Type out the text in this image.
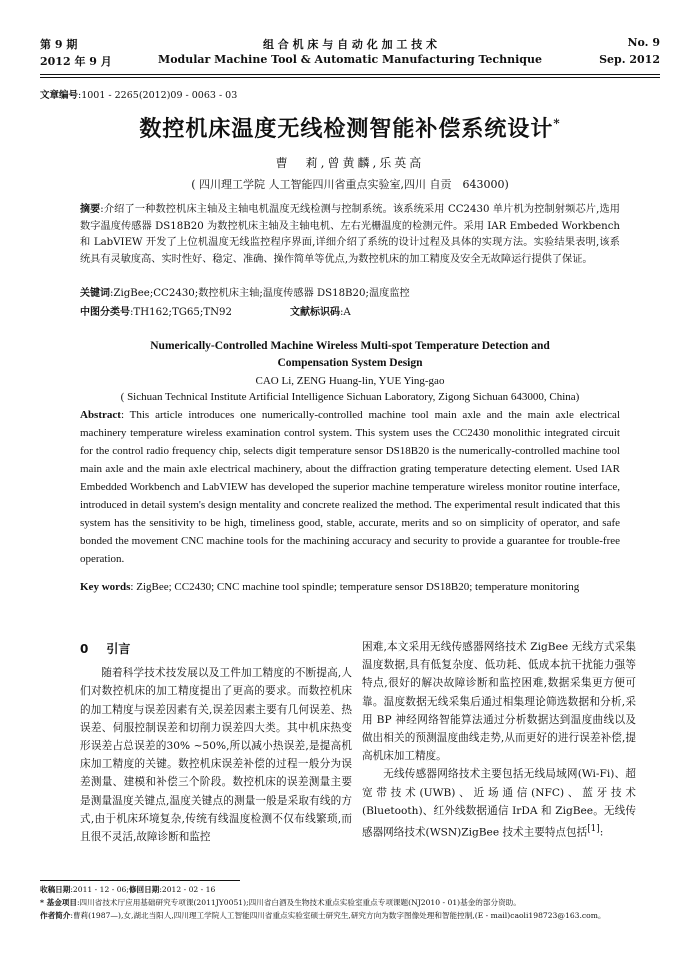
第 9 期	组 合 机 床 与 自 动 化 加 工 技 术	No. 9
2012 年 9 月	Modular Machine Tool & Automatic Manufacturing Technique	Sep. 2012
文章编号:1001 - 2265(2012)09 - 0063 - 03
数控机床温度无线检测智能补偿系统设计*
曹　莉,曾黄麟,乐英高
( 四川理工学院 人工智能四川省重点实验室,四川 自贡　643000)
摘要:介绍了一种数控机床主轴及主轴电机温度无线检测与控制系统。该系统采用 CC2430 单片机为控制射频芯片,选用数字温度传感器 DS18B20 为数控机床主轴及主轴电机、左右光栅温度的检测元件。采用 IAR Embeded Workbench 和 LabVIEW 开发了上位机温度无线监控程序界面,详细介绍了系统的设计过程及具体的实现方法。实验结果表明,该系统具有灵敏度高、实时性好、稳定、准确、操作简单等优点,为数控机床的加工精度及安全无故障运行提供了保证。
关键词:ZigBee;CC2430;数控机床主轴;温度传感器 DS18B20;温度监控
中图分类号:TH162;TG65;TN92	文献标识码:A
Numerically-Controlled Machine Wireless Multi-spot Temperature Detection and
Compensation System Design
CAO Li, ZENG Huang-lin, YUE Ying-gao
( Sichuan Technical Institute Artificial Intelligence Sichuan Laboratory, Zigong Sichuan 643000, China)
Abstract: This article introduces one numerically-controlled machine tool main axle and the main axle electrical machinery temperature wireless examination control system. This system uses the CC2430 monolithic integrated circuit for the control radio frequency chip, selects digit temperature sensor DS18B20 is the numerically-controlled machine tool main axle and the main axle electrical machinery, about the diffraction grating temperature detecting element. Used IAR Embedded Workbench and LabVIEW has developed the superior machine temperature wireless monitor routine interface, introduced in detail system's design mentality and concrete realized the method. The experimental result indicated that this system has the sensitivity to be high, timeliness good, stable, accurate, merits and so on simplicity of operator, and safe bonded the movement CNC machine tools for the machining accuracy and security to provide a guarantee for trouble-free operation.
Key words: ZigBee; CC2430; CNC machine tool spindle; temperature sensor DS18B20; temperature monitoring
0 引言

随着科学技术技发展以及工件加工精度的不断提高,人们对数控机床的加工精度提出了更高的要求。而数控机床的加工精度与误差因素有关,误差因素主要有几何误差、热误差、伺服控制误差和切削力误差四大类。其中机床热变形误差占总误差的30% ~50%,所以减小热误差,是提高机床加工精度的关键。数控机床误差补偿的过程一般分为误差测量、建模和补偿三个阶段。数控机床的误差测量主要是测量温度关键点,温度关键点的测量一般是采取有线的方式,由于机床环境复杂,传统有线温度检测不仅布线繁琐,而且很不灵活,故障诊断和监控

困难,本文采用无线传感器网络技术 ZigBee 无线方式采集温度数据,具有低复杂度、低功耗、低成本抗干扰能力强等特点,很好的解决故障诊断和监控困难,数据采集更方便可靠。温度数据无线采集后通过相集理论筛选数据和分析,采用 BP 神经网络智能算法通过分析数据达到温度曲线以及做出相关的预测温度曲线走势,从而更好的进行误差补偿,提高机床加工精度。

无线传感器网络技术主要包括无线局域网(Wi-Fi)、超宽带技术(UWB)、近场通信(NFC)、蓝牙技术(Bluetooth)、红外线数据通信 IrDA 和 ZigBee。无线传感器网络技术(WSN)ZigBee 技术主要特点包括[1]:

收稿日期:2011 - 12 - 06;修回日期:2012 - 02 - 16
* 基金项目:四川省技术厅应用基础研究专项课(2011JY0051);四川省白酒及生物技术重点实验室重点专项课题(NJ2010 - 01)基金的部分资助。
作者简介:曹莉(1987—),女,湖北当阳人,四川理工学院人工智能四川省重点实验室硕士研究生,研究方向为数字图像处理和智能控制,(E - mail)caoli198723@163.com。
